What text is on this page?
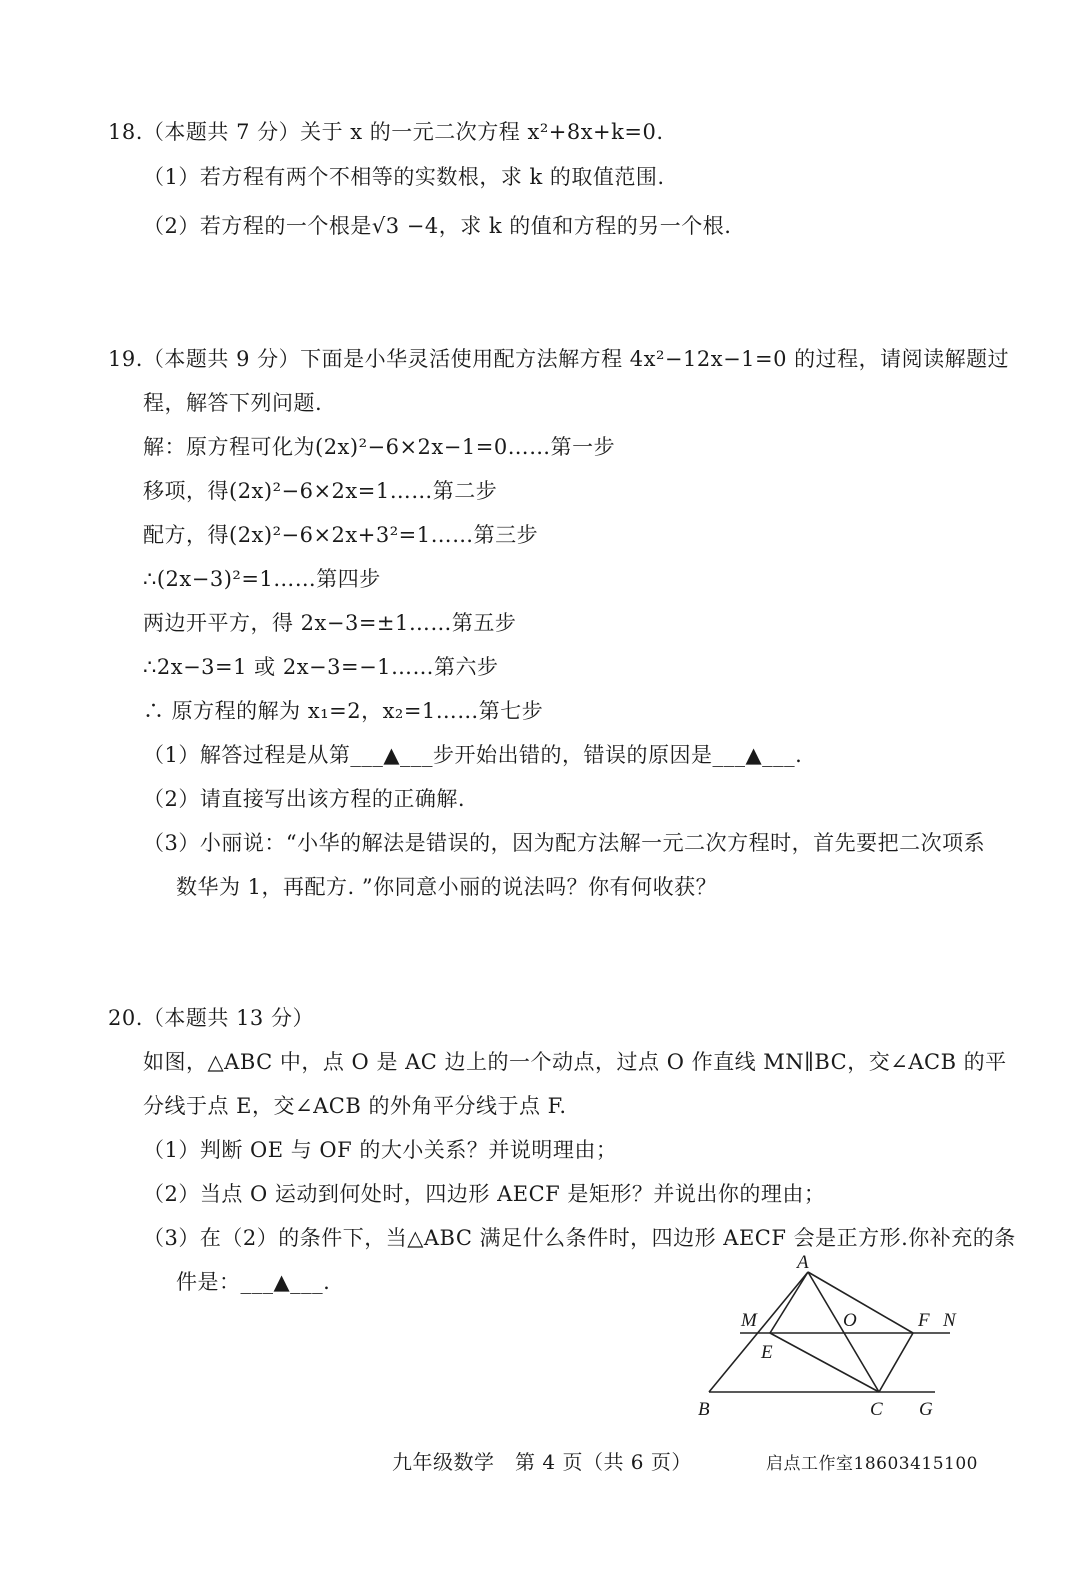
18.（本题共 7 分）关于 x 的一元二次方程 x²+8x+k=0.
（1）若方程有两个不相等的实数根，求 k 的取值范围.
（2）若方程的一个根是√3 −4，求 k 的值和方程的另一个根.
19.（本题共 9 分）下面是小华灵活使用配方法解方程 4x²−12x−1=0 的过程，请阅读解题过
程，解答下列问题.
解：原方程可化为(2x)²−6×2x−1=0……第一步
移项，得(2x)²−6×2x=1……第二步
配方，得(2x)²−6×2x+3²=1……第三步
∴(2x−3)²=1……第四步
两边开平方，得 2x−3=±1……第五步
∴2x−3=1 或 2x−3=−1……第六步
∴ 原方程的解为 x₁=2，x₂=1……第七步
（1）解答过程是从第___▲___步开始出错的，错误的原因是___▲___.
（2）请直接写出该方程的正确解.
（3）小丽说：“小华的解法是错误的，因为配方法解一元二次方程时，首先要把二次项系
数华为 1，再配方. ”你同意小丽的说法吗？你有何收获？
20.（本题共 13 分）
如图，△ABC 中，点 O 是 AC 边上的一个动点，过点 O 作直线 MN∥BC，交∠ACB 的平
分线于点 E，交∠ACB 的外角平分线于点 F.
（1）判断 OE 与 OF 的大小关系？并说明理由；
（2）当点 O 运动到何处时，四边形 AECF 是矩形？并说出你的理由；
（3）在（2）的条件下，当△ABC 满足什么条件时，四边形 AECF 会是正方形.你补充的条
件是：___▲___.
A
M	O	F N
E
B	C G
九年级数学　第 4 页（共 6 页）	启点工作室18603415100
